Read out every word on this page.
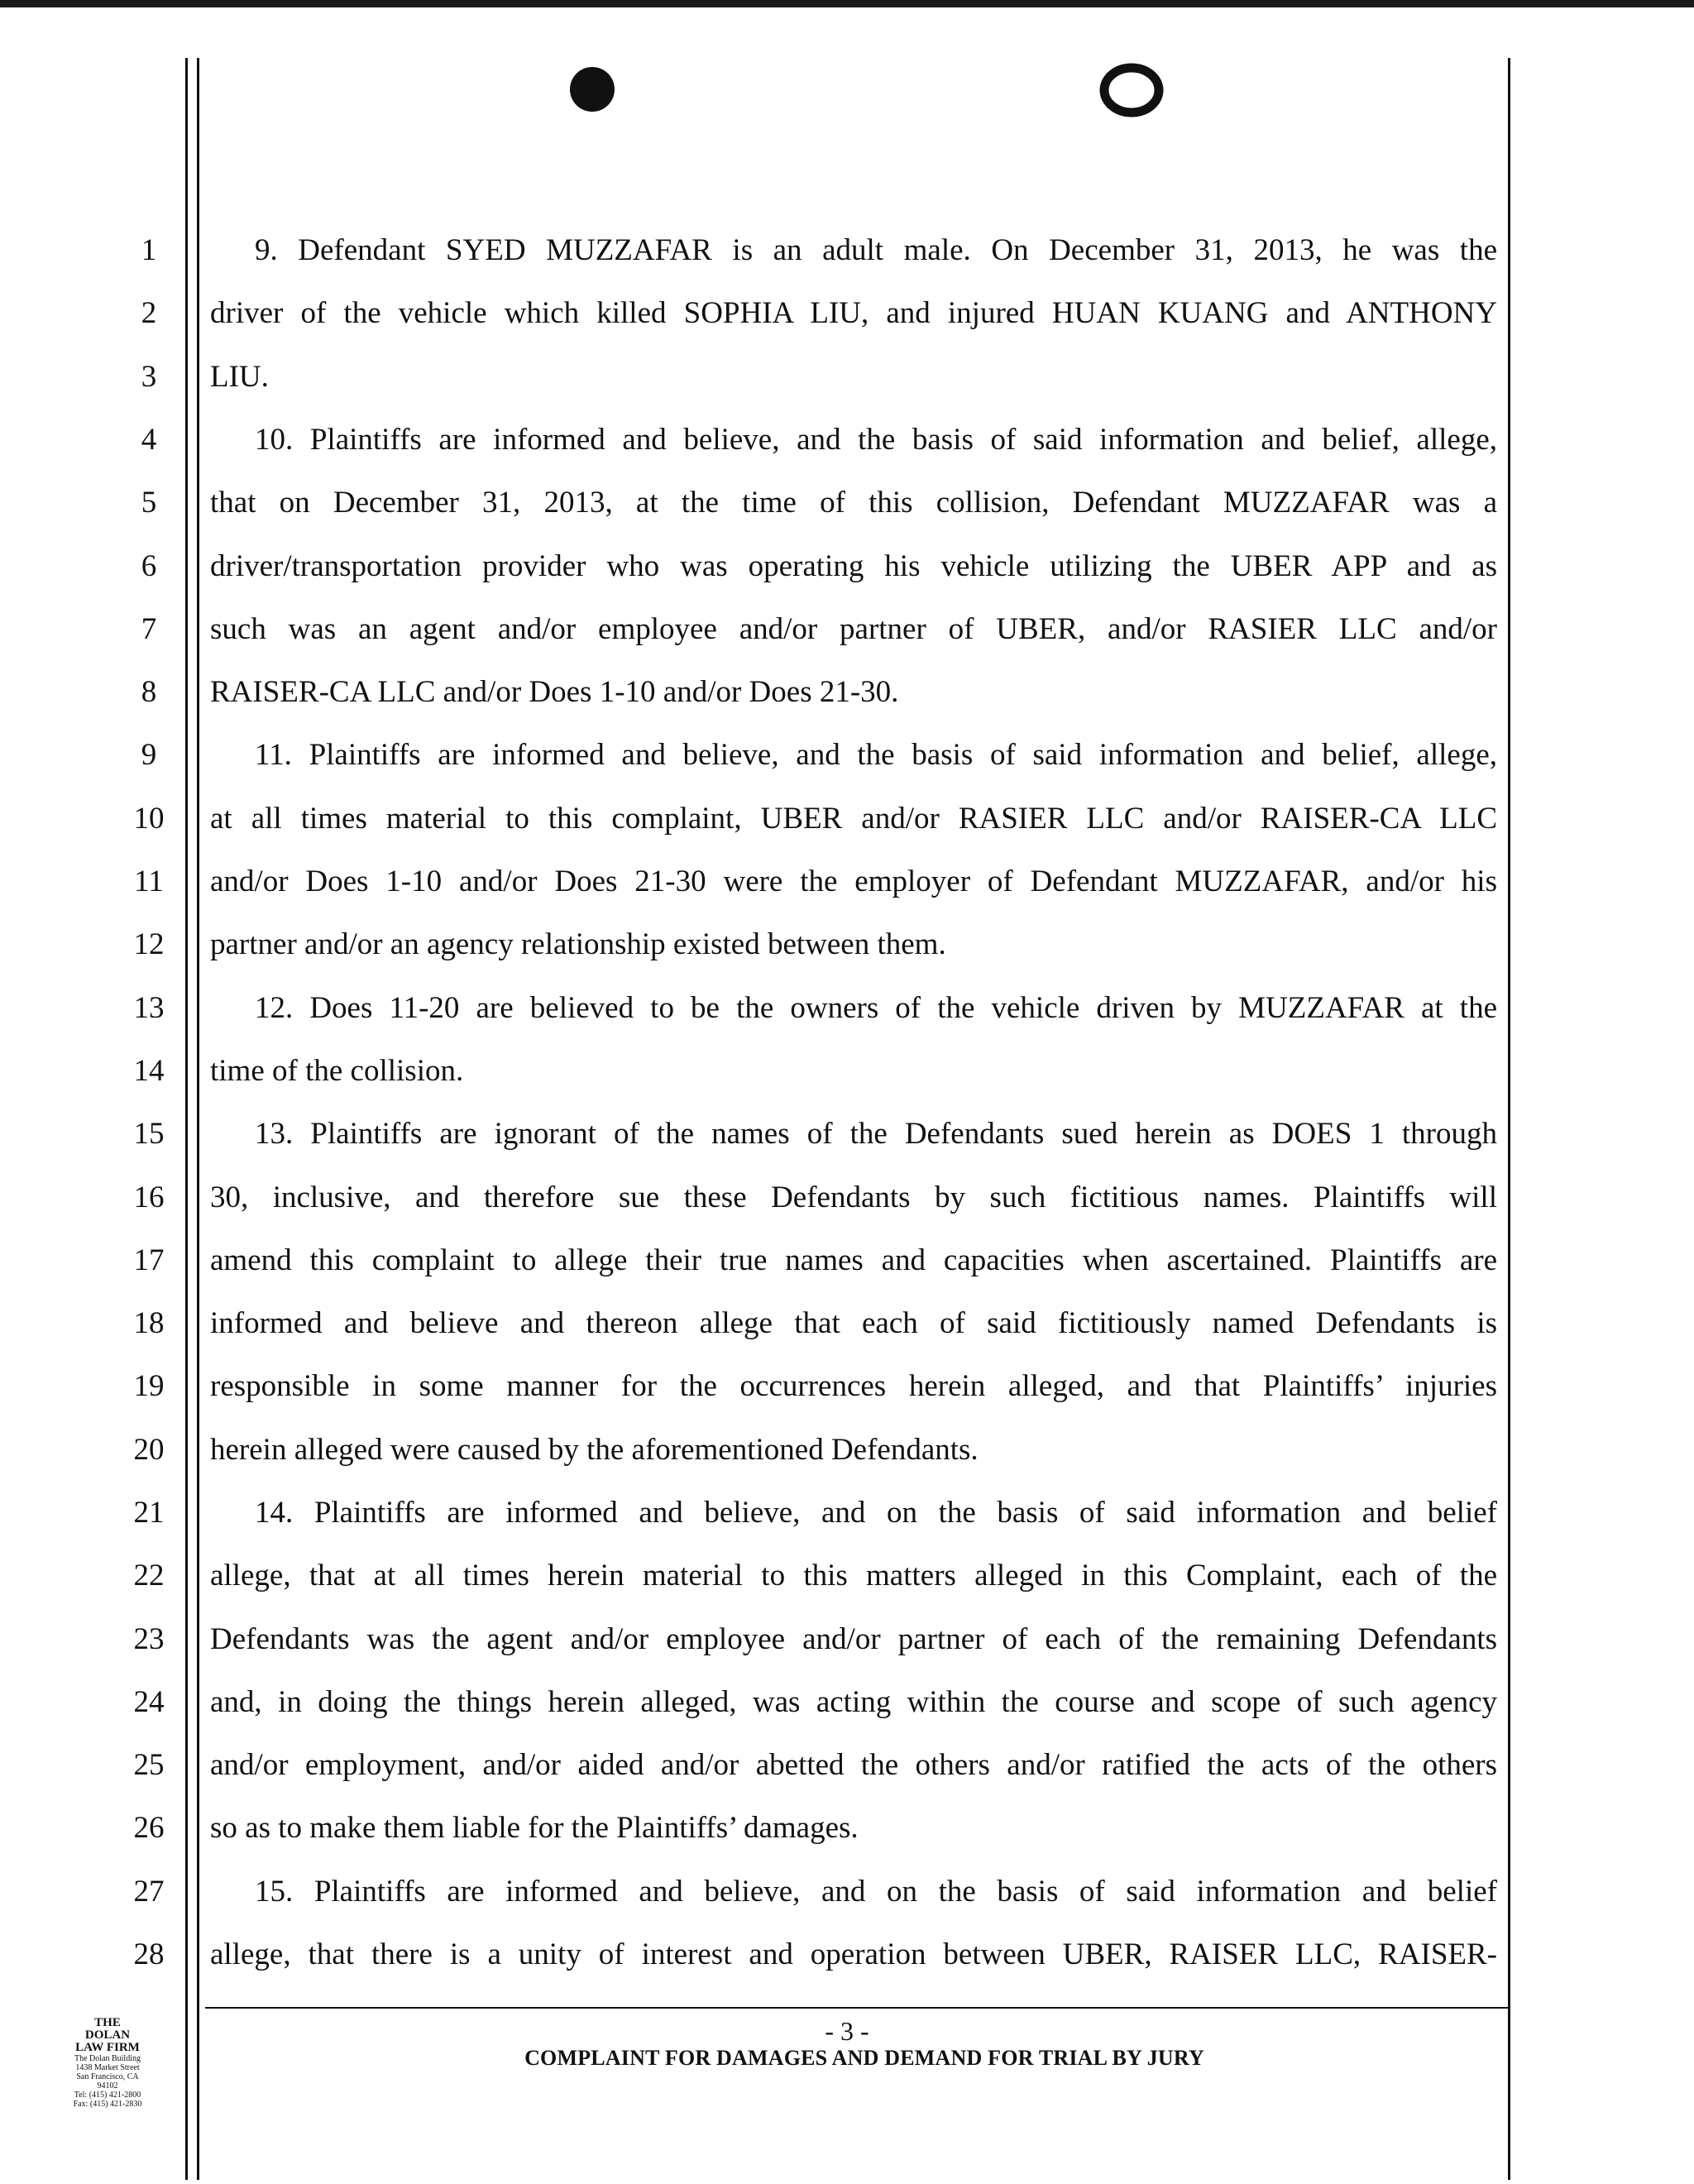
1
2
3
4
5
6
7
8
9
10
11
12
13
14
15
16
17
18
19
20
21
22
23
24
25
26
27
28
9. Defendant SYED MUZZAFAR is an adult male. On December 31, 2013, he was the
driver of the vehicle which killed SOPHIA LIU, and injured HUAN KUANG and ANTHONY
LIU.
10. Plaintiffs are informed and believe, and the basis of said information and belief, allege,
that on December 31, 2013, at the time of this collision, Defendant MUZZAFAR was a
driver/transportation provider who was operating his vehicle utilizing the UBER APP and as
such was an agent and/or employee and/or partner of UBER, and/or RASIER LLC and/or
RAISER-CA LLC and/or Does 1-10 and/or Does 21-30.
11. Plaintiffs are informed and believe, and the basis of said information and belief, allege,
at all times material to this complaint, UBER and/or RASIER LLC and/or RAISER-CA LLC
and/or Does 1-10 and/or Does 21-30 were the employer of Defendant MUZZAFAR, and/or his
partner and/or an agency relationship existed between them.
12. Does 11-20 are believed to be the owners of the vehicle driven by MUZZAFAR at the
time of the collision.
13. Plaintiffs are ignorant of the names of the Defendants sued herein as DOES 1 through
30, inclusive, and therefore sue these Defendants by such fictitious names. Plaintiffs will
amend this complaint to allege their true names and capacities when ascertained. Plaintiffs are
informed and believe and thereon allege that each of said fictitiously named Defendants is
responsible in some manner for the occurrences herein alleged, and that Plaintiffs’ injuries
herein alleged were caused by the aforementioned Defendants.
14. Plaintiffs are informed and believe, and on the basis of said information and belief
allege, that at all times herein material to this matters alleged in this Complaint, each of the
Defendants was the agent and/or employee and/or partner of each of the remaining Defendants
and, in doing the things herein alleged, was acting within the course and scope of such agency
and/or employment, and/or aided and/or abetted the others and/or ratified the acts of the others
so as to make them liable for the Plaintiffs’ damages.
15. Plaintiffs are informed and believe, and on the basis of said information and belief
allege, that there is a unity of interest and operation between UBER, RAISER LLC, RAISER-
THE
DOLAN
LAW FIRM
The Dolan Building
1438 Market Street
San Francisco, CA
94102
Tel: (415) 421-2800
Fax: (415) 421-2830
- 3 -
COMPLAINT FOR DAMAGES AND DEMAND FOR TRIAL BY JURY
